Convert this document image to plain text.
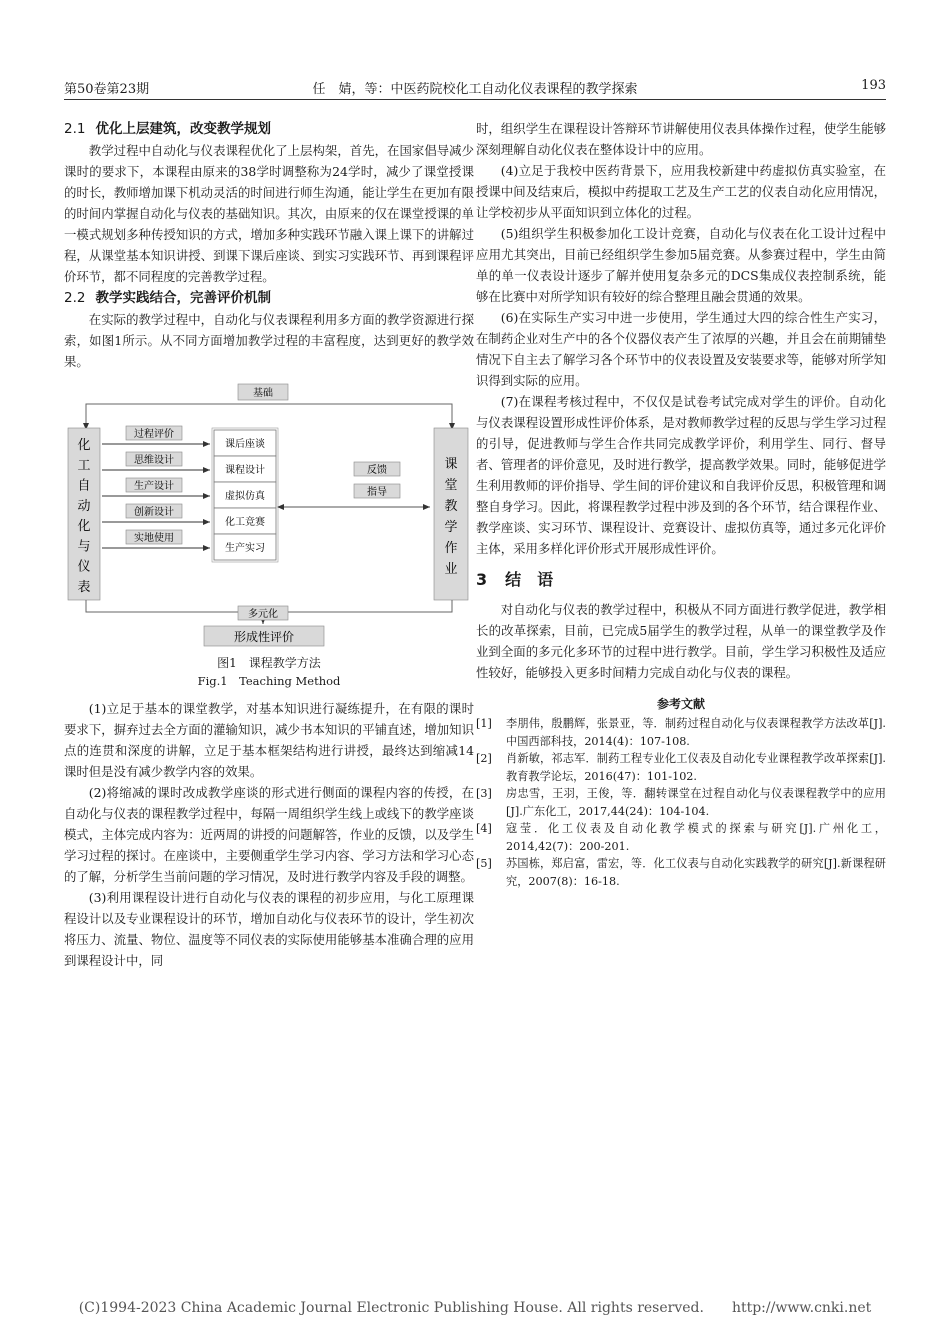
第50卷第23期	任　婧，等：中医药院校化工自动化仪表课程的教学探索	193
2.1 优化上层建筑，改变教学规划
教学过程中自动化与仪表课程优化了上层构架，首先，在国家倡导减少课时的要求下，本课程由原来的38学时调整称为24学时，减少了课堂授课的时长，教师增加课下机动灵活的时间进行师生沟通，能让学生在更加有限的时间内掌握自动化与仪表的基础知识。其次，由原来的仅在课堂授课的单一模式规划多种传授知识的方式，增加多种实践环节融入课上课下的讲解过程，从课堂基本知识讲授、到课下课后座谈、到实习实践环节、再到课程评价环节，都不同程度的完善教学过程。
2.2 教学实践结合，完善评价机制
在实际的教学过程中，自动化与仪表课程利用多方面的教学资源进行探索，如图1所示。从不同方面增加教学过程的丰富程度，达到更好的教学效果。
基础
化
工
自
动
化
与
仪
表
课
堂
教
学
作
业
课后座谈
课程设计
虚拟仿真
化工竞赛
生产实习
过程评价
思维设计
生产设计
创新设计
实地使用
反馈
指导
多元化
形成性评价
图1　课程教学方法
Fig.1　Teaching Method
(1)立足于基本的课堂教学，对基本知识进行凝练提升，在有限的课时要求下，摒弃过去全方面的灌输知识，减少书本知识的平铺直述，增加知识点的连贯和深度的讲解，立足于基本框架结构进行讲授，最终达到缩减14课时但是没有减少教学内容的效果。
(2)将缩减的课时改成教学座谈的形式进行侧面的课程内容的传授，在自动化与仪表的课程教学过程中，每隔一周组织学生线上或线下的教学座谈模式，主体完成内容为：近两周的讲授的问题解答，作业的反馈，以及学生学习过程的探讨。在座谈中，主要侧重学生学习内容、学习方法和学习心态的了解，分析学生当前问题的学习情况，及时进行教学内容及手段的调整。
(3)利用课程设计进行自动化与仪表的课程的初步应用，与化工原理课程设计以及专业课程设计的环节，增加自动化与仪表环节的设计，学生初次将压力、流量、物位、温度等不同仪表的实际使用能够基本准确合理的应用到课程设计中，同
时，组织学生在课程设计答辩环节讲解使用仪表具体操作过程，使学生能够深刻理解自动化仪表在整体设计中的应用。
(4)立足于我校中医药背景下，应用我校新建中药虚拟仿真实验室，在授课中间及结束后，模拟中药提取工艺及生产工艺的仪表自动化应用情况，让学校初步从平面知识到立体化的过程。
(5)组织学生积极参加化工设计竞赛，自动化与仪表在化工设计过程中应用尤其突出，目前已经组织学生参加5届竞赛。从参赛过程中，学生由简单的单一仪表设计逐步了解并使用复杂多元的DCS集成仪表控制系统，能够在比赛中对所学知识有较好的综合整理且融会贯通的效果。
(6)在实际生产实习中进一步使用，学生通过大四的综合性生产实习，在制药企业对生产中的各个仪器仪表产生了浓厚的兴趣，并且会在前期铺垫情况下自主去了解学习各个环节中的仪表设置及安装要求等，能够对所学知识得到实际的应用。
(7)在课程考核过程中，不仅仅是试卷考试完成对学生的评价。自动化与仪表课程设置形成性评价体系，是对教师教学过程的反思与学生学习过程的引导，促进教师与学生合作共同完成教学评价，利用学生、同行、督导者、管理者的评价意见，及时进行教学，提高教学效果。同时，能够促进学生利用教师的评价指导、学生间的评价建议和自我评价反思，积极管理和调整自身学习。因此，将课程教学过程中涉及到的各个环节，结合课程作业、教学座谈、实习环节、课程设计、竞赛设计、虚拟仿真等，通过多元化评价主体，采用多样化评价形式开展形成性评价。
3 结　语
对自动化与仪表的教学过程中，积极从不同方面进行教学促进，教学相长的改革探索，目前，已完成5届学生的教学过程，从单一的课堂教学及作业到全面的多元化多环节的过程中进行教学。目前，学生学习积极性及适应性较好，能够投入更多时间精力完成自动化与仪表的课程。
参考文献
[1] 李朋伟，殷鹏辉，张景亚，等．制药过程自动化与仪表课程教学方法改革[J].中国西部科技，2014(4)：107-108.
[2] 肖新敏，祁志军．制药工程专业化工仪表及自动化专业课程教学改革探索[J].教育教学论坛，2016(47)：101-102.
[3] 房忠雪，王羽，王俊，等．翻转课堂在过程自动化与仪表课程教学中的应用[J].广东化工，2017,44(24)：104-104.
[4] 寇莹．化工仪表及自动化教学模式的探索与研究[J].广州化工，2014,42(7)：200-201.
[5] 苏国栋，郑启富，雷宏，等．化工仪表与自动化实践教学的研究[J].新课程研究，2007(8)：16-18.
(C)1994-2023 China Academic Journal Electronic Publishing House. All rights reserved.　　http://www.cnki.net
